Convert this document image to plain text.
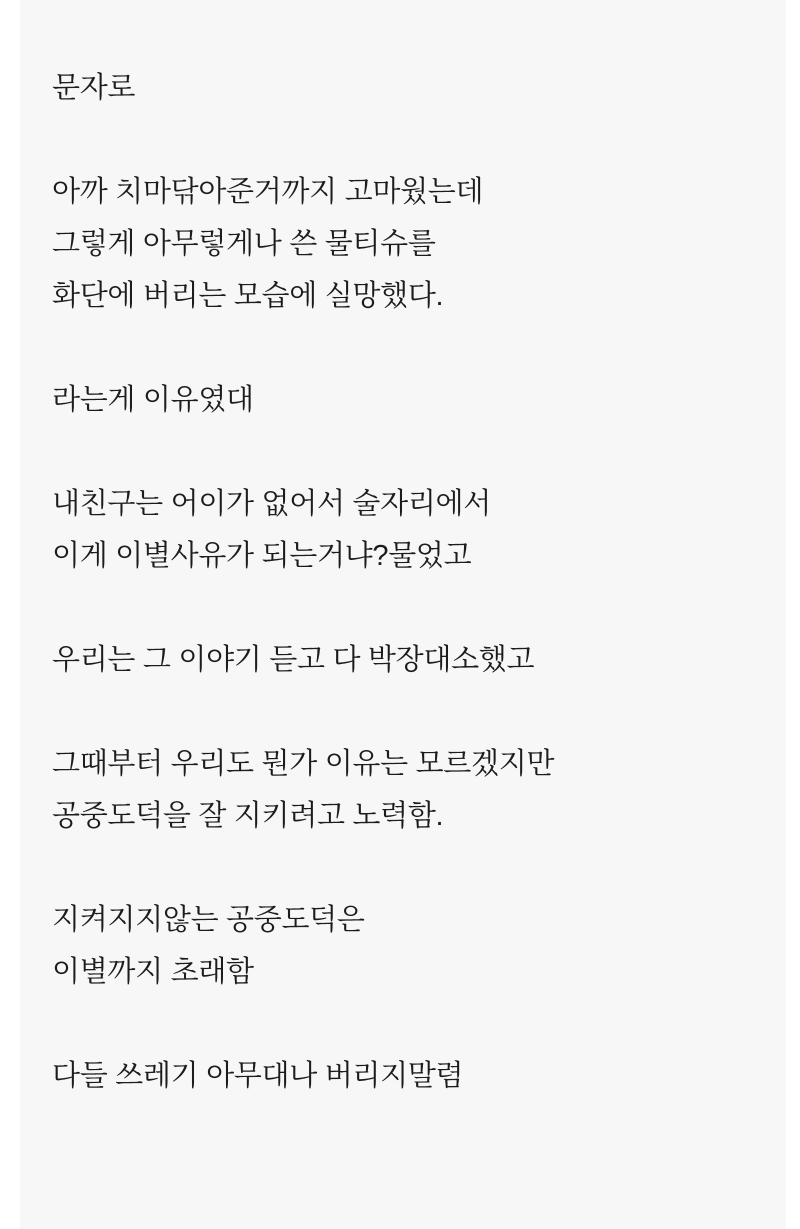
문자로
아까 치마닦아준거까지 고마웠는데
그렇게 아무렇게나 쓴 물티슈를
화단에 버리는 모습에 실망했다.
라는게 이유였대
내친구는 어이가 없어서 술자리에서
이게 이별사유가 되는거냐?물었고
우리는 그 이야기 듣고 다 박장대소했고
그때부터 우리도 뭔가 이유는 모르겠지만
공중도덕을 잘 지키려고 노력함.
지켜지지않는 공중도덕은
이별까지 초래함
다들 쓰레기 아무대나 버리지말렴
